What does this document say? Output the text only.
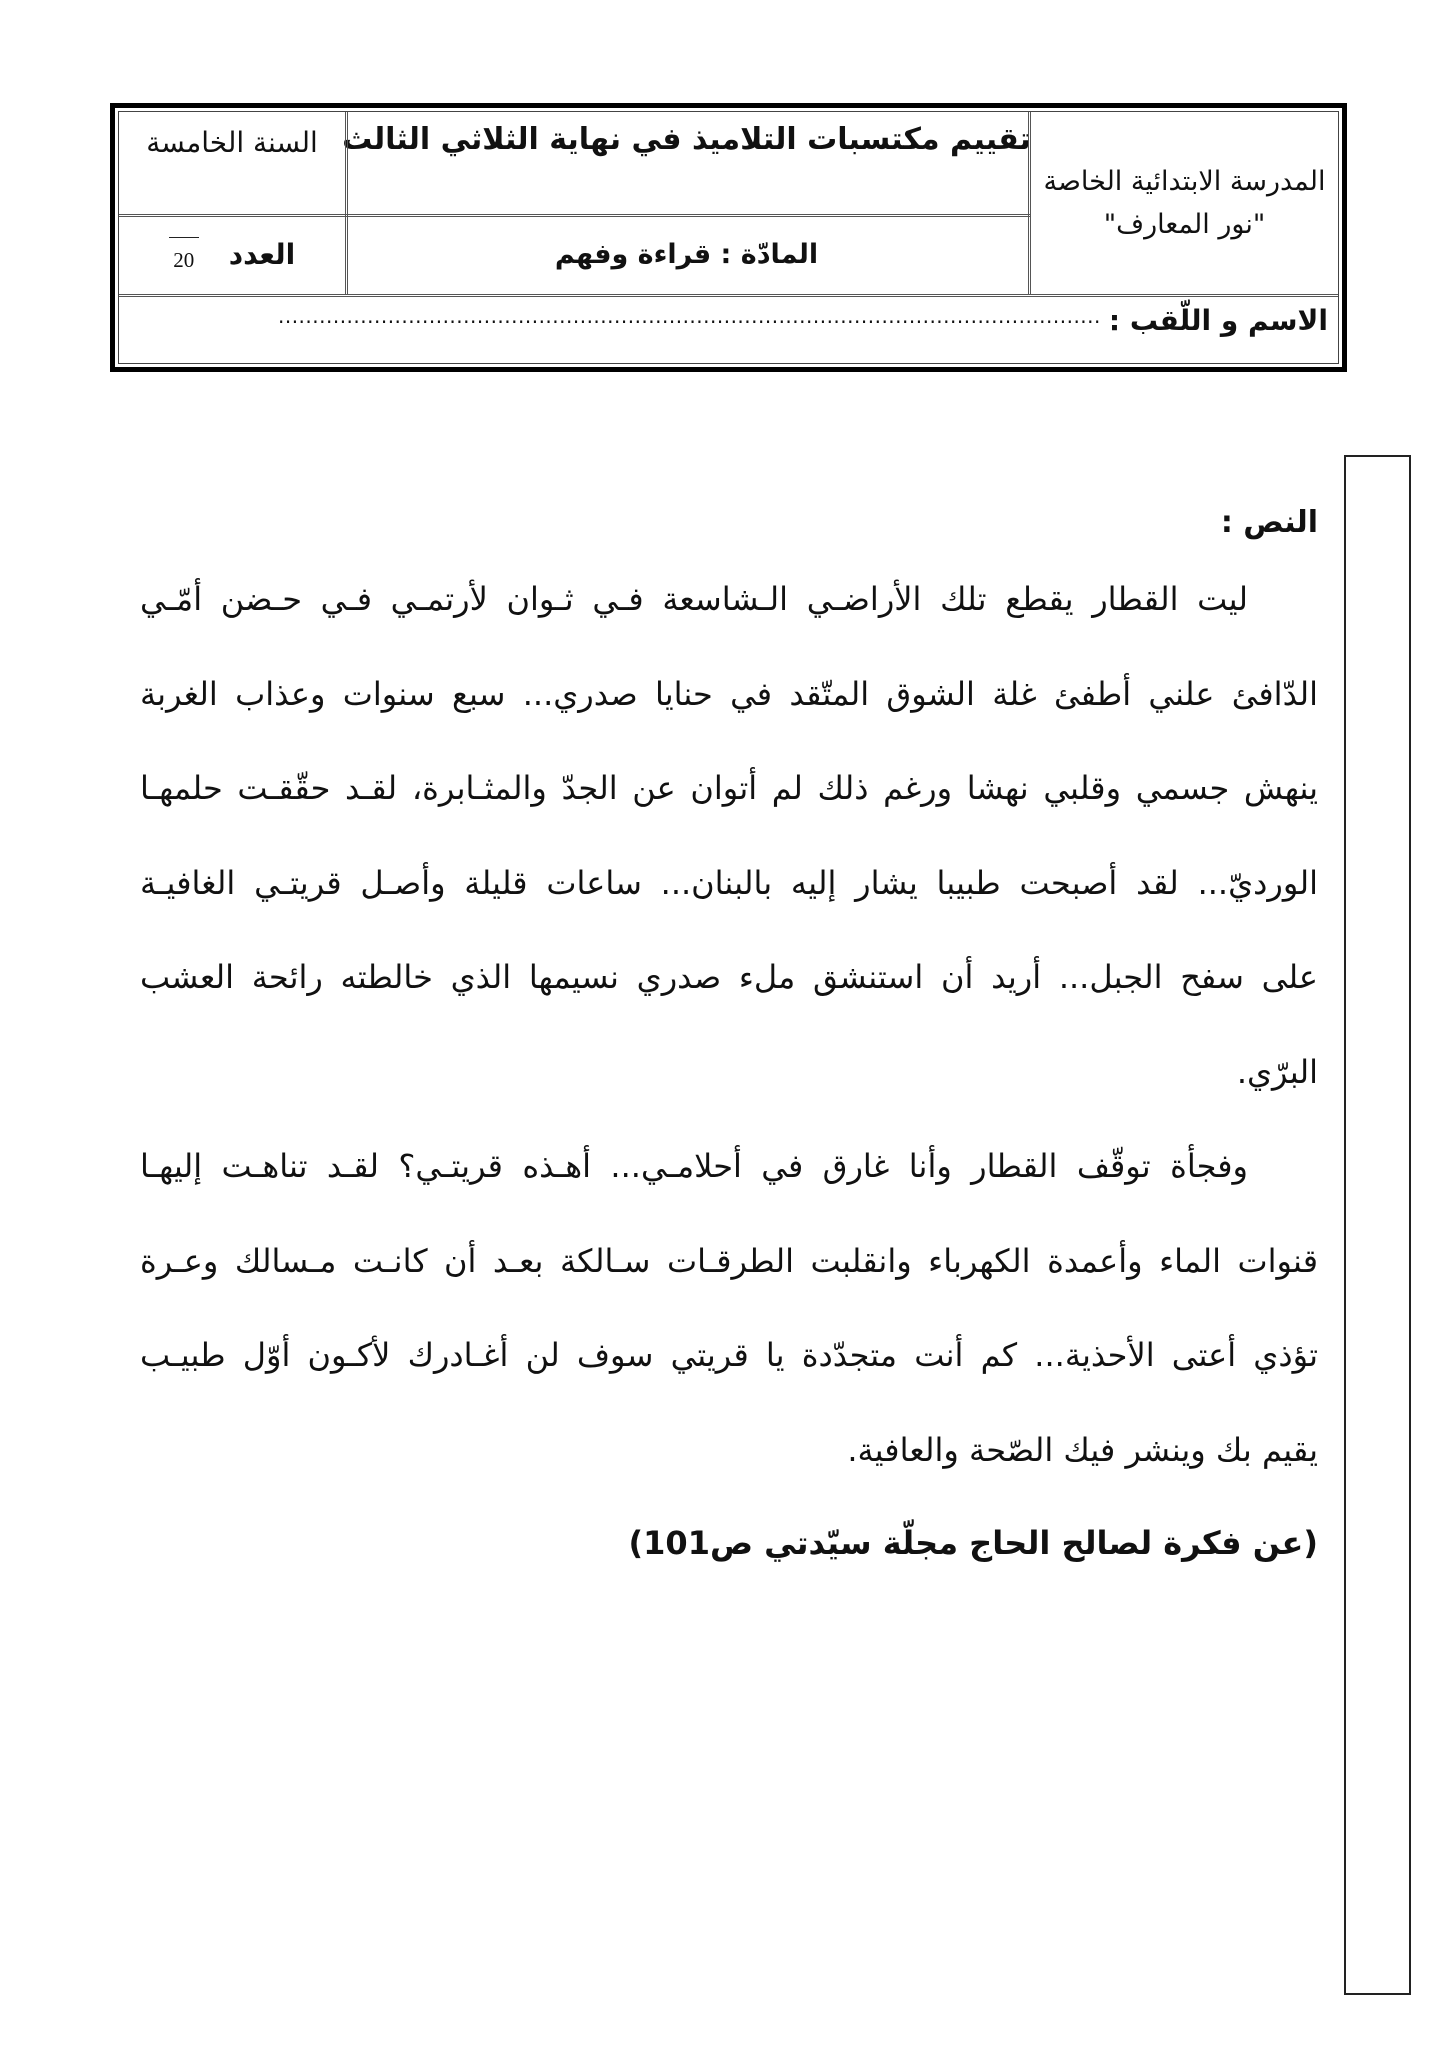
المدرسة الابتدائية الخاصة
"نور المعارف"
تقييم مكتسبات التلاميذ في نهاية الثلاثي الثالث
المادّة : قراءة وفهم
السنة الخامسة
العدد
20
الاسم و اللّقب :
........................................................................................................................
النص :
ليت القطار يقطع تلك الأراضـي الـشاسعة فـي ثـوان لأرتمـي فـي حـضن أمّـي
الدّافئ علني أطفئ غلة الشوق المتّقد في حنايا صدري... سبع سنوات وعذاب الغربة
ينهش جسمي وقلبي نهشا ورغم ذلك لم أتوان عن الجدّ والمثـابرة، لقـد حقّقـت حلمهـا
الورديّ... لقد أصبحت طبيبا يشار إليه بالبنان... ساعات قليلة وأصـل قريتـي الغافيـة
على سفح الجبل... أريد أن استنشق ملء صدري نسيمها الذي خالطته رائحة العشب
البرّي.
وفجأة توقّف القطار وأنا غارق في أحلامـي... أهـذه قريتـي؟ لقـد تناهـت إليهـا
قنوات الماء وأعمدة الكهرباء وانقلبت الطرقـات سـالكة بعـد أن كانـت مـسالك وعـرة
تؤذي أعتى الأحذية... كم أنت متجدّدة يا قريتي سوف لن أغـادرك لأكـون أوّل طبيـب
يقيم بك وينشر فيك الصّحة والعافية.
(عن فكرة لصالح الحاج مجلّة سيّدتي ص101)
